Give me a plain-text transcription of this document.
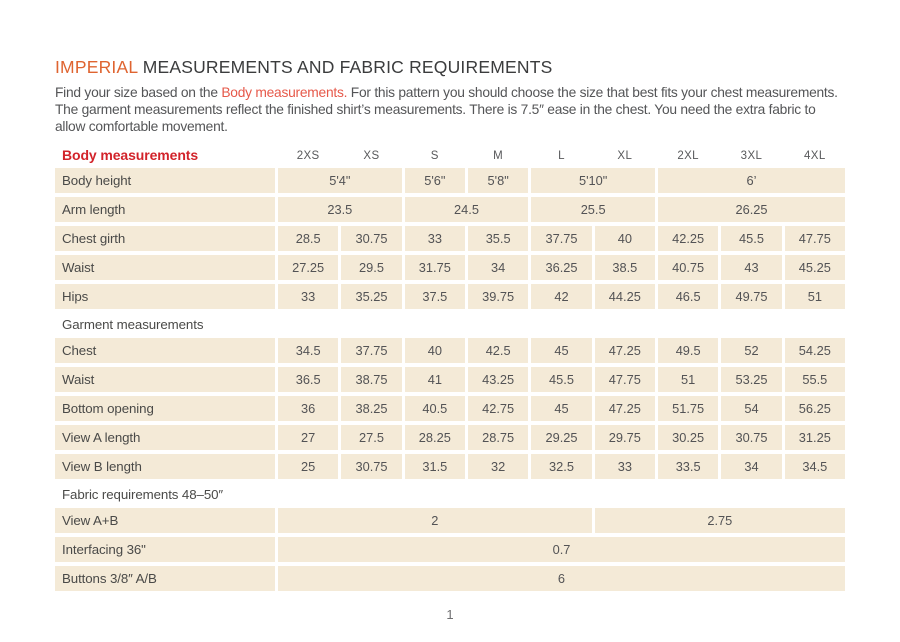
IMPERIAL MEASUREMENTS AND FABRIC REQUIREMENTS

Find your size based on the Body measurements. For this pattern you should choose the size that best fits your chest measurements. The garment measurements reflect the finished shirt’s measurements. There is 7.5″ ease in the chest. You need the extra fabric to allow comfortable movement.

Body measurements	2XS	XS	S	M	L	XL	2XL	3XL	4XL
Body height	5'4"	5'6"	5'8"	5'10"	6’
Arm length	23.5	24.5	25.5	26.25
Chest girth	28.5	30.75	33	35.5	37.75	40	42.25	45.5	47.75
Waist	27.25	29.5	31.75	34	36.25	38.5	40.75	43	45.25
Hips	33	35.25	37.5	39.75	42	44.25	46.5	49.75	51
Garment measurements
Chest	34.5	37.75	40	42.5	45	47.25	49.5	52	54.25
Waist	36.5	38.75	41	43.25	45.5	47.75	51	53.25	55.5
Bottom opening	36	38.25	40.5	42.75	45	47.25	51.75	54	56.25
View A length	27	27.5	28.25	28.75	29.25	29.75	30.25	30.75	31.25
View B length	25	30.75	31.5	32	32.5	33	33.5	34	34.5
Fabric requirements 48–50″
View A+B	2	2.75
Interfacing 36"	0.7
Buttons 3/8″ A/B	6
1
